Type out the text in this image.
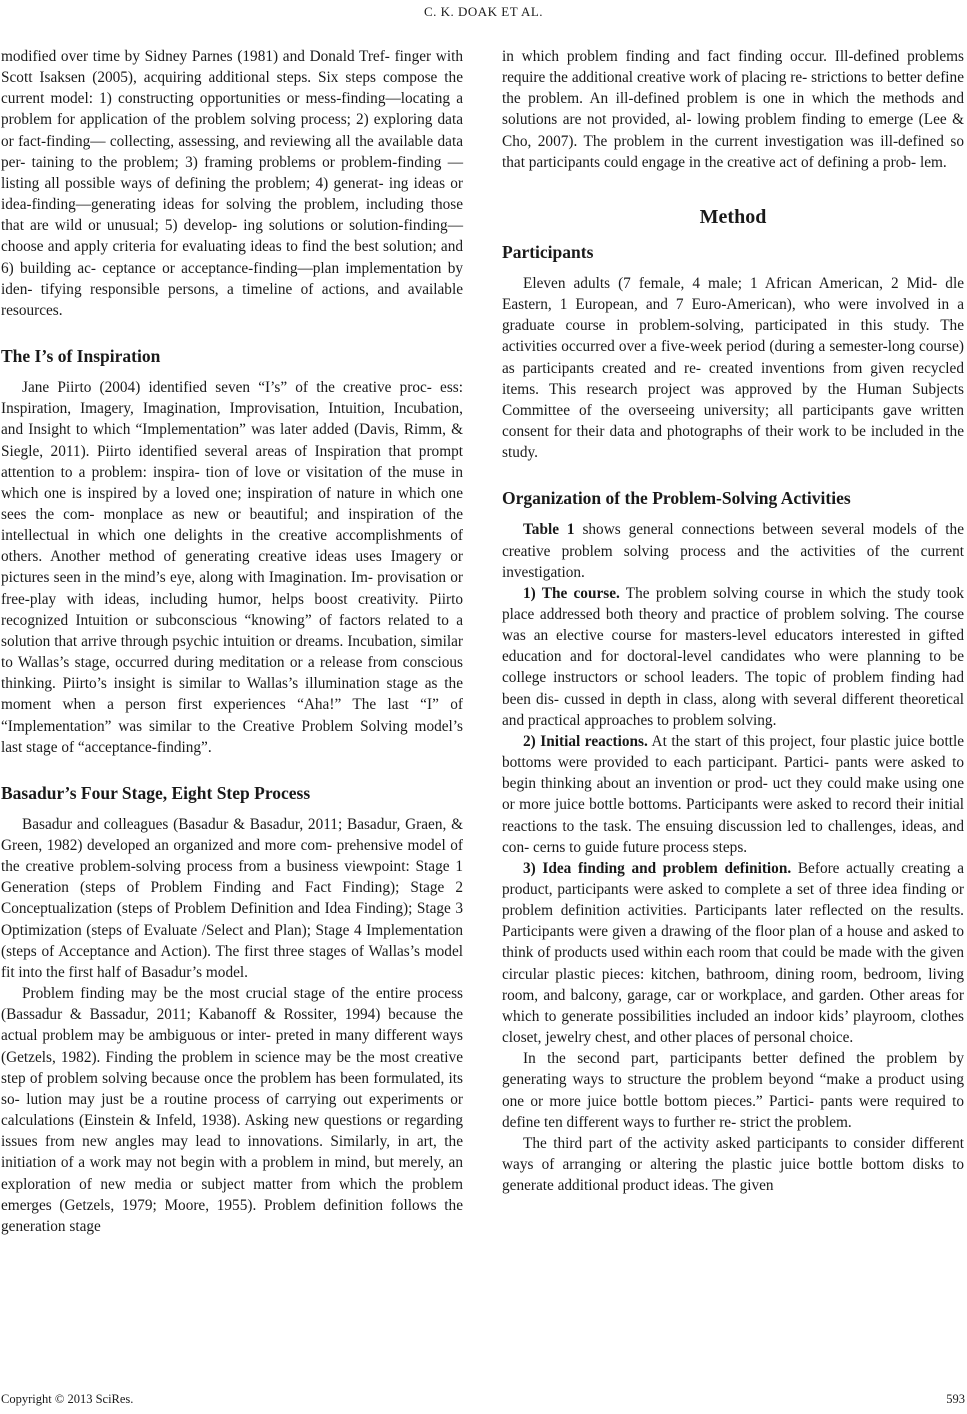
C. K. DOAK ET AL.

modified over time by Sidney Parnes (1981) and Donald Tref- finger with Scott Isaksen (2005), acquiring additional steps. Six steps compose the current model: 1) constructing opportunities or mess-finding—locating a problem for application of the problem solving process; 2) exploring data or fact-finding— collecting, assessing, and reviewing all the available data per- taining to the problem; 3) framing problems or problem-finding —listing all possible ways of defining the problem; 4) generat- ing ideas or idea-finding—generating ideas for solving the problem, including those that are wild or unusual; 5) develop- ing solutions or solution-finding—choose and apply criteria for evaluating ideas to find the best solution; and 6) building ac- ceptance or acceptance-finding—plan implementation by iden- tifying responsible persons, a timeline of actions, and available resources.

The I’s of Inspiration

Jane Piirto (2004) identified seven “I’s” of the creative proc- ess: Inspiration, Imagery, Imagination, Improvisation, Intuition, Incubation, and Insight to which “Implementation” was later added (Davis, Rimm, & Siegle, 2011). Piirto identified several areas of Inspiration that prompt attention to a problem: inspira- tion of love or visitation of the muse in which one is inspired by a loved one; inspiration of nature in which one sees the com- monplace as new or beautiful; and inspiration of the intellectual in which one delights in the creative accomplishments of others. Another method of generating creative ideas uses Imagery or pictures seen in the mind’s eye, along with Imagination. Im- provisation or free-play with ideas, including humor, helps boost creativity. Piirto recognized Intuition or subconscious “knowing” of factors related to a solution that arrive through psychic intuition or dreams. Incubation, similar to Wallas’s stage, occurred during meditation or a release from conscious thinking. Piirto’s insight is similar to Wallas’s illumination stage as the moment when a person first experiences “Aha!” The last “I” of “Implementation” was similar to the Creative Problem Solving model’s last stage of “acceptance-finding”.

Basadur’s Four Stage, Eight Step Process

Basadur and colleagues (Basadur & Basadur, 2011; Basadur, Graen, & Green, 1982) developed an organized and more com- prehensive model of the creative problem-solving process from a business viewpoint: Stage 1 Generation (steps of Problem Finding and Fact Finding); Stage 2 Conceptualization (steps of Problem Definition and Idea Finding); Stage 3 Optimization (steps of Evaluate /Select and Plan); Stage 4 Implementation (steps of Acceptance and Action). The first three stages of Wallas’s model fit into the first half of Basadur’s model.

Problem finding may be the most crucial stage of the entire process (Bassadur & Bassadur, 2011; Kabanoff & Rossiter, 1994) because the actual problem may be ambiguous or inter- preted in many different ways (Getzels, 1982). Finding the problem in science may be the most creative step of problem solving because once the problem has been formulated, its so- lution may just be a routine process of carrying out experiments or calculations (Einstein & Infeld, 1938). Asking new questions or regarding issues from new angles may lead to innovations. Similarly, in art, the initiation of a work may not begin with a problem in mind, but merely, an exploration of new media or subject matter from which the problem emerges (Getzels, 1979; Moore, 1955). Problem definition follows the generation stage

in which problem finding and fact finding occur. Ill-defined problems require the additional creative work of placing re- strictions to better define the problem. An ill-defined problem is one in which the methods and solutions are not provided, al- lowing problem finding to emerge (Lee & Cho, 2007). The problem in the current investigation was ill-defined so that participants could engage in the creative act of defining a prob- lem.

Method
Participants

Eleven adults (7 female, 4 male; 1 African American, 2 Mid- dle Eastern, 1 European, and 7 Euro-American), who were involved in a graduate course in problem-solving, participated in this study. The activities occurred over a five-week period (during a semester-long course) as participants created and re- created inventions from given recycled items. This research project was approved by the Human Subjects Committee of the overseeing university; all participants gave written consent for their data and photographs of their work to be included in the study.

Organization of the Problem-Solving Activities

Table 1 shows general connections between several models of the creative problem solving process and the activities of the current investigation.

1) The course. The problem solving course in which the study took place addressed both theory and practice of problem solving. The course was an elective course for masters-level educators interested in gifted education and for doctoral-level candidates who were planning to be college instructors or school leaders. The topic of problem finding had been dis- cussed in depth in class, along with several different theoretical and practical approaches to problem solving.

2) Initial reactions. At the start of this project, four plastic juice bottle bottoms were provided to each participant. Partici- pants were asked to begin thinking about an invention or prod- uct they could make using one or more juice bottle bottoms. Participants were asked to record their initial reactions to the task. The ensuing discussion led to challenges, ideas, and con- cerns to guide future process steps.

3) Idea finding and problem definition. Before actually creating a product, participants were asked to complete a set of three idea finding or problem definition activities. Participants later reflected on the results. Participants were given a drawing of the floor plan of a house and asked to think of products used within each room that could be made with the given circular plastic pieces: kitchen, bathroom, dining room, bedroom, living room, and balcony, garage, car or workplace, and garden. Other areas for which to generate possibilities included an indoor kids’ playroom, clothes closet, jewelry chest, and other places of personal choice.

In the second part, participants better defined the problem by generating ways to structure the problem beyond “make a product using one or more juice bottle bottom pieces.” Partici- pants were required to define ten different ways to further re- strict the problem.

The third part of the activity asked participants to consider different ways of arranging or altering the plastic juice bottle bottom disks to generate additional product ideas. The given

Copyright © 2013 SciRes.	593
